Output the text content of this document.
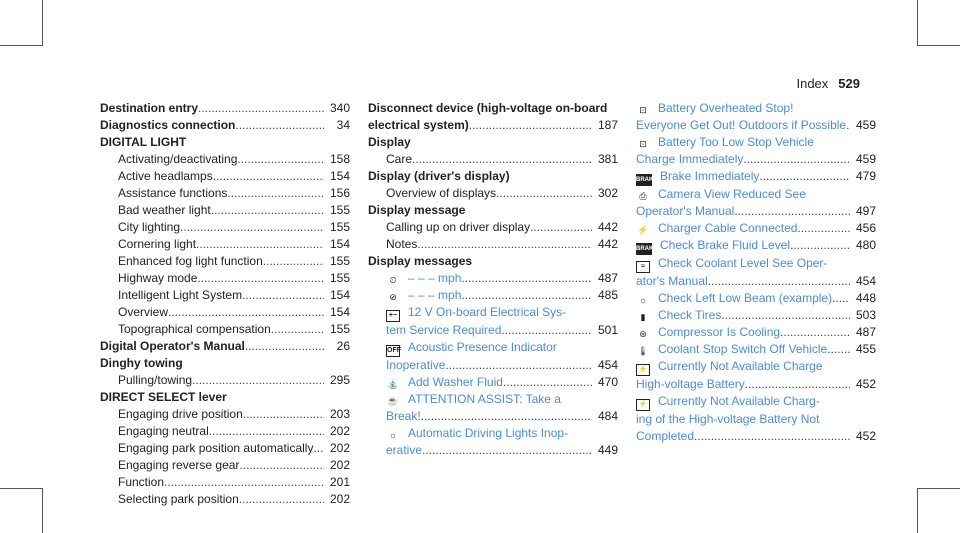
Index 529
Destination entry .....	340
Diagnostics connection .....	34
DIGITAL LIGHT
Activating/deactivating .....	158
Active headlamps .....	154
Assistance functions .....	156
Bad weather light .....	155
City lighting .....	155
Cornering light .....	154
Enhanced fog light function .....	155
Highway mode .....	155
Intelligent Light System .....	154
Overview .....	154
Topographical compensation .....	155
Digital Operator's Manual .....	26
Dinghy towing
Pulling/towing .....	295
DIRECT SELECT lever
Engaging drive position .....	203
Engaging neutral .....	202
Engaging park position automatically .....	202
Engaging reverse gear .....	202
Function .....	201
Selecting park position .....	202
Disconnect device (high-voltage on-board
electrical system) .....	187
Display
Care .....	381
Display (driver's display)
Overview of displays .....	302
Display message
Calling up on driver display .....	442
Notes .....	442
Display messages
⏲ – – – mph .....	487
⊘ – – – mph .....	485
+− 12 V On-board Electrical Sys-
tem Service Required .....	501
OFF Acoustic Presence Indicator
Inoperative .....	454
⛲ Add Washer Fluid .....	470
☕ ATTENTION ASSIST: Take a
Break! .....	484
☼ Automatic Driving Lights Inop-
erative .....	449
⊡ Battery Overheated Stop!
Everyone Get Out! Outdoors if Possible ..... 459
⊡ Battery Too Low Stop Vehicle
Charge Immediately .....	459
BRAKE Brake Immediately .....	479
⎙ Camera View Reduced See
Operator's Manual .....	497
⚡ Charger Cable Connected .....	456
BRAKE Check Brake Fluid Level .....	480
≈ Check Coolant Level See Oper-
ator's Manual .....	454
☼ Check Left Low Beam (example) .....	448
▮ Check Tires .....	503
⊛ Compressor Is Cooling .....	487
🌡 Coolant Stop Switch Off Vehicle .....	455
⚡ Currently Not Available Charge
High-voltage Battery .....	452
⚡ Currently Not Available Charg-
ing of the High-voltage Battery Not
Completed .....	452
